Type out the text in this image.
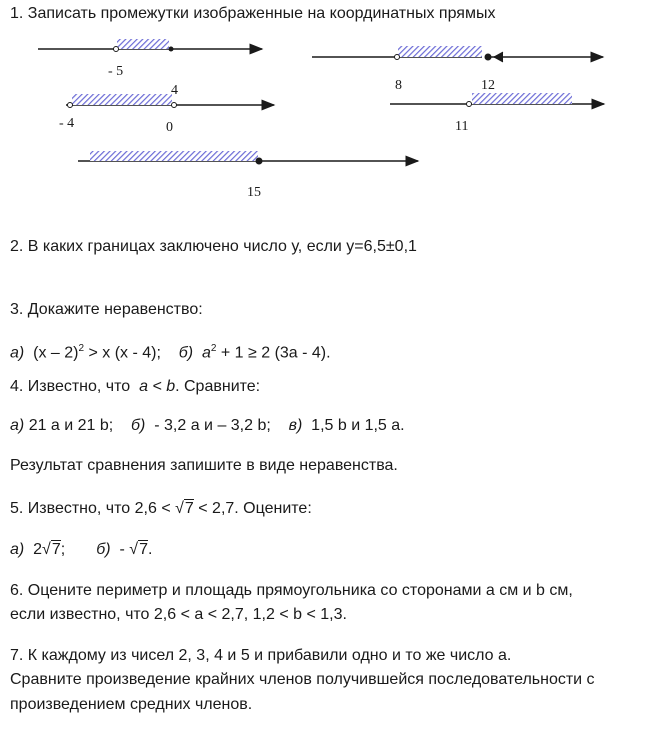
1. Записать промежутки изображенные на координатных прямых
- 5
8	12
- 4
4
0	11
15
2. В каких границах заключено число у, если у=6,5±0,1
3. Докажите неравенство:
а) (x – 2)$^2$ > x (x - 4); б) $a^2 + 1 \ge 2$ (3a - 4).
4. Известно, что a < b. Сравните:
а) 21 a и 21 b; б) - 3,2 a и – 3,2 b; в) 1,5 b и 1,5 a.
Результат сравнения запишите в виде неравенства.
5. Известно, что 2,6 < √7 < 2,7. Оцените:
а) 2√7; б) - √7.
6. Оцените периметр и площадь прямоугольника со сторонами a см и b см,
если известно, что 2,6 < a < 2,7, 1,2 < b < 1,3.
7. К каждому из чисел 2, 3, 4 и 5 и прибавили одно и то же число a.
Сравните произведение крайних членов получившейся последовательности с
произведением средних членов.
